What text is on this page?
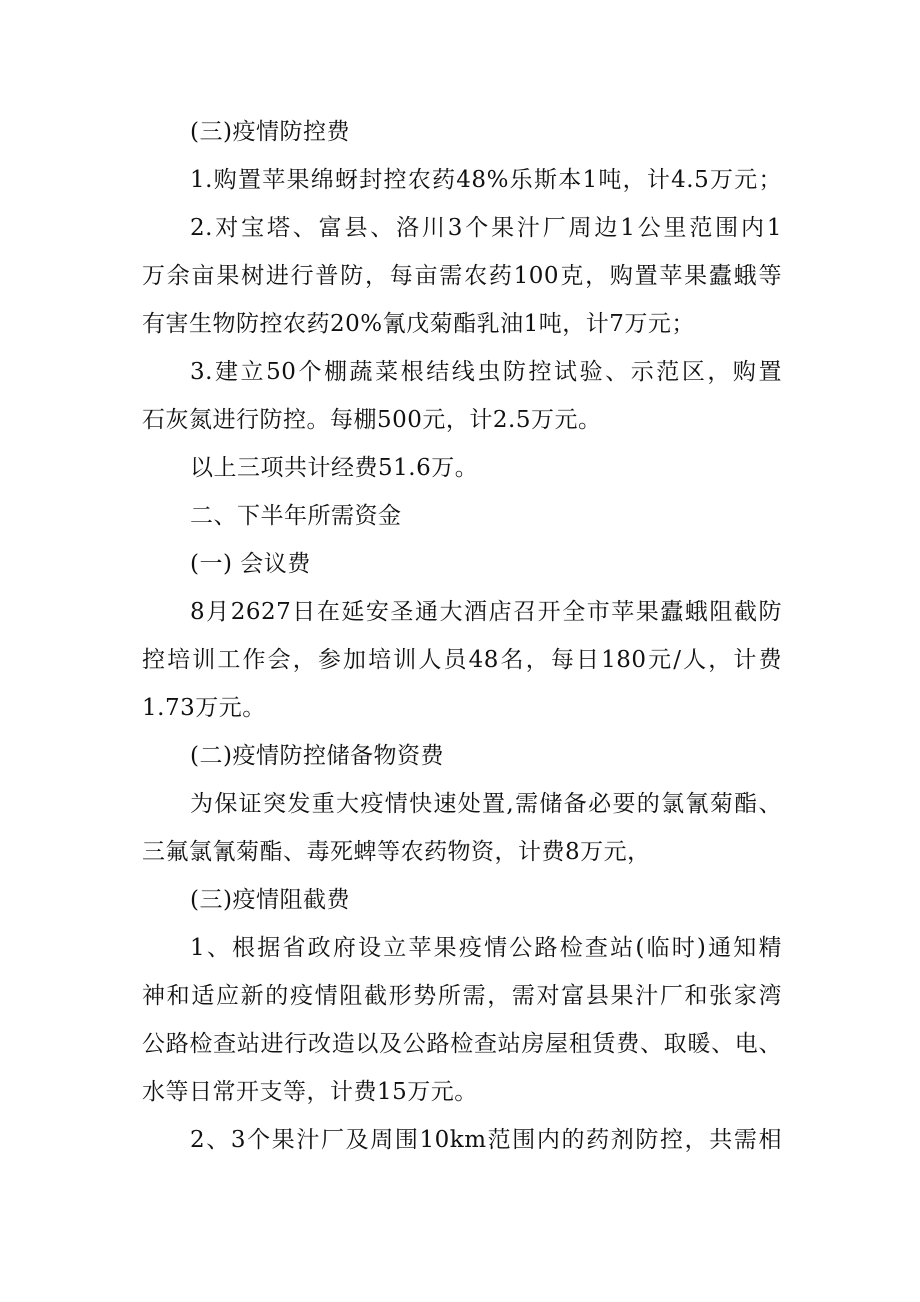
(三)疫情防控费
1.购置苹果绵蚜封控农药48%乐斯本1吨，计4.5万元；
2.对宝塔、富县、洛川3个果汁厂周边1公里范围内1
万余亩果树进行普防，每亩需农药100克，购置苹果蠹蛾等
有害生物防控农药20%氰戊菊酯乳油1吨，计7万元；
3.建立50个棚蔬菜根结线虫防控试验、示范区，购置
石灰氮进行防控。每棚500元，计2.5万元。
以上三项共计经费51.6万。
二、下半年所需资金
(一) 会议费
8月2627日在延安圣通大酒店召开全市苹果蠹蛾阻截防
控培训工作会，参加培训人员48名，每日180元/人，计费
1.73万元。
(二)疫情防控储备物资费
为保证突发重大疫情快速处置,需储备必要的氯氰菊酯、
三氟氯氰菊酯、毒死蜱等农药物资，计费8万元，
(三)疫情阻截费
1、根据省政府设立苹果疫情公路检查站(临时)通知精
神和适应新的疫情阻截形势所需，需对富县果汁厂和张家湾
公路检查站进行改造以及公路检查站房屋租赁费、取暖、电、
水等日常开支等，计费15万元。
2、3个果汁厂及周围10km范围内的药剂防控，共需相
